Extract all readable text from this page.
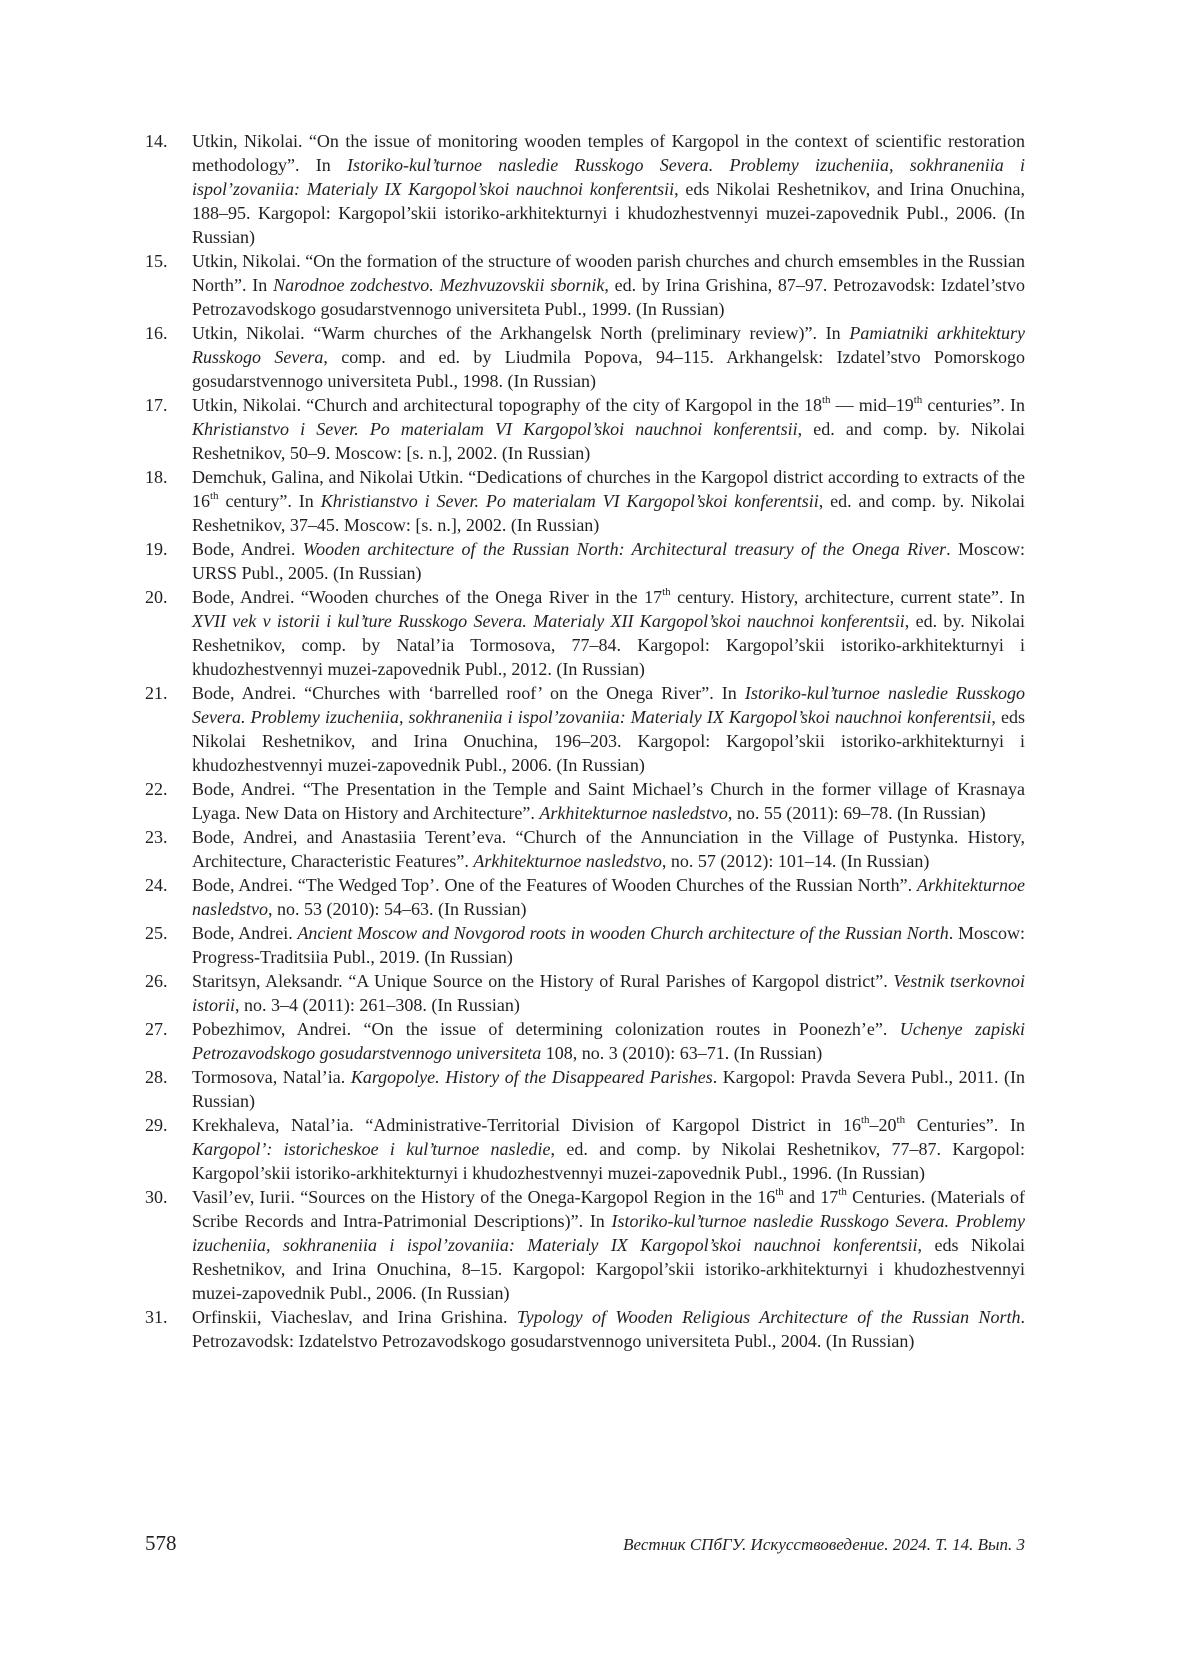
14.	Utkin, Nikolai. “On the issue of monitoring wooden temples of Kargopol in the context of scientific restoration methodology”. In Istoriko-kul’turnoe nasledie Russkogo Severa. Problemy izucheniia, sokhraneniia i ispol’zovaniia: Materialy IX Kargopol’skoi nauchnoi konferentsii, eds Nikolai Reshetnikov, and Irina Onuchina, 188–95. Kargopol: Kargopol’skii istoriko-arkhitekturnyi i khudozhestvennyi muzei-zapovednik Publ., 2006. (In Russian)
15.	Utkin, Nikolai. “On the formation of the structure of wooden parish churches and church emsembles in the Russian North”. In Narodnoe zodchestvo. Mezhvuzovskii sbornik, ed. by Irina Grishina, 87–97. Petrozavodsk: Izdatel’stvo Petrozavodskogo gosudarstvennogo universiteta Publ., 1999. (In Russian)
16.	Utkin, Nikolai. “Warm churches of the Arkhangelsk North (preliminary review)”. In Pamiatniki arkhitektury Russkogo Severa, comp. and ed. by Liudmila Popova, 94–115. Arkhangelsk: Izdatel’stvo Pomorskogo gosudarstvennogo universiteta Publ., 1998. (In Russian)
17.	Utkin, Nikolai. “Church and architectural topography of the city of Kargopol in the 18th — mid–19th centuries”. In Khristianstvo i Sever. Po materialam VI Kargopol’skoi nauchnoi konferentsii, ed. and comp. by. Nikolai Reshetnikov, 50–9. Moscow: [s. n.], 2002. (In Russian)
18.	Demchuk, Galina, and Nikolai Utkin. “Dedications of churches in the Kargopol district according to extracts of the 16th century”. In Khristianstvo i Sever. Po materialam VI Kargopol’skoi konferentsii, ed. and comp. by. Nikolai Reshetnikov, 37–45. Moscow: [s. n.], 2002. (In Russian)
19.	Bode, Andrei. Wooden architecture of the Russian North: Architectural treasury of the Onega River. Moscow: URSS Publ., 2005. (In Russian)
20.	Bode, Andrei. “Wooden churches of the Onega River in the 17th century. History, architecture, current state”. In XVII vek v istorii i kul’ture Russkogo Severa. Materialy XII Kargopol’skoi nauchnoi konferentsii, ed. by. Nikolai Reshetnikov, comp. by Natal’ia Tormosova, 77–84. Kargopol: Kargopol’skii istoriko-arkhitekturnyi i khudozhestvennyi muzei-zapovednik Publ., 2012. (In Russian)
21.	Bode, Andrei. “Churches with ‘barrelled roof’ on the Onega River”. In Istoriko-kul’turnoe nasledie Russkogo Severa. Problemy izucheniia, sokhraneniia i ispol’zovaniia: Materialy IX Kargopol’skoi nauchnoi konferentsii, eds Nikolai Reshetnikov, and Irina Onuchina, 196–203. Kargopol: Kargopol’skii istoriko-arkhitekturnyi i khudozhestvennyi muzei-zapovednik Publ., 2006. (In Russian)
22.	Bode, Andrei. “The Presentation in the Temple and Saint Michael’s Church in the former village of Krasnaya Lyaga. New Data on History and Architecture”. Arkhitekturnoe nasledstvo, no. 55 (2011): 69–78. (In Russian)
23.	Bode, Andrei, and Anastasiia Terent’eva. “Church of the Annunciation in the Village of Pustynka. History, Architecture, Characteristic Features”. Arkhitekturnoe nasledstvo, no. 57 (2012): 101–14. (In Russian)
24.	Bode, Andrei. “The Wedged Top’. One of the Features of Wooden Churches of the Russian North”. Arkhitekturnoe nasledstvo, no. 53 (2010): 54–63. (In Russian)
25.	Bode, Andrei. Ancient Moscow and Novgorod roots in wooden Church architecture of the Russian North. Moscow: Progress-Traditsiia Publ., 2019. (In Russian)
26.	Staritsyn, Aleksandr. “A Unique Source on the History of Rural Parishes of Kargopol district”. Vestnik tserkovnoi istorii, no. 3–4 (2011): 261–308. (In Russian)
27.	Pobezhimov, Andrei. “On the issue of determining colonization routes in Poonezh’e”. Uchenye zapiski Petrozavodskogo gosudarstvennogo universiteta 108, no. 3 (2010): 63–71. (In Russian)
28.	Tormosova, Natal’ia. Kargopolye. History of the Disappeared Parishes. Kargopol: Pravda Severa Publ., 2011. (In Russian)
29.	Krekhaleva, Natal’ia. “Administrative-Territorial Division of Kargopol District in 16th–20th Centuries”. In Kargopol’: istoricheskoe i kul’turnoe nasledie, ed. and comp. by Nikolai Reshetnikov, 77–87. Kargopol: Kargopol’skii istoriko-arkhitekturnyi i khudozhestvennyi muzei-zapovednik Publ., 1996. (In Russian)
30.	Vasil’ev, Iurii. “Sources on the History of the Onega-Kargopol Region in the 16th and 17th Centuries. (Materials of Scribe Records and Intra-Patrimonial Descriptions)”. In Istoriko-kul’turnoe nasledie Russkogo Severa. Problemy izucheniia, sokhraneniia i ispol’zovaniia: Materialy IX Kargopol’skoi nauchnoi konferentsii, eds Nikolai Reshetnikov, and Irina Onuchina, 8–15. Kargopol: Kargopol’skii istoriko-arkhitekturnyi i khudozhestvennyi muzei-zapovednik Publ., 2006. (In Russian)
31.	Orfinskii, Viacheslav, and Irina Grishina. Typology of Wooden Religious Architecture of the Russian North. Petrozavodsk: Izdatelstvo Petrozavodskogo gosudarstvennogo universiteta Publ., 2004. (In Russian)
578	Вестник СПбГУ. Искусствоведение. 2024. Т. 14. Вып. 3
